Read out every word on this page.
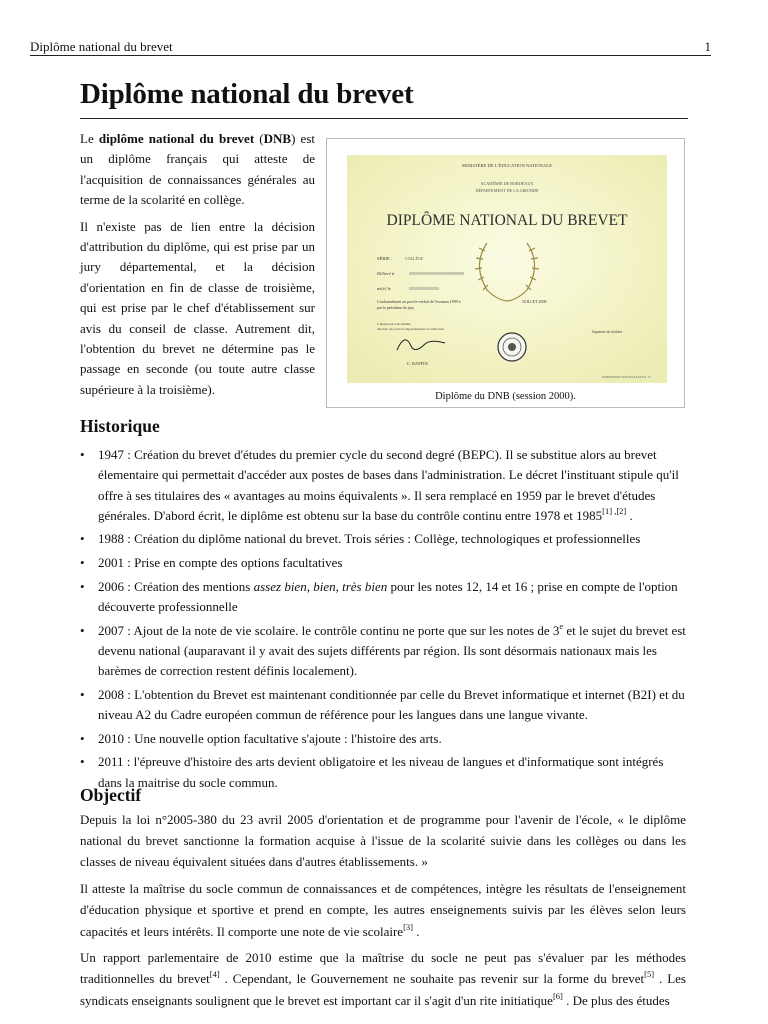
Diplôme national du brevet	1
Diplôme national du brevet

Le diplôme national du brevet (DNB) est un diplôme français qui atteste de l'acquisition de connaissances générales au terme de la scolarité en collège.

Il n'existe pas de lien entre la décision d'attribution du diplôme, qui est prise par un jury départemental, et la décision d'orientation en fin de classe de troisième, qui est prise par le chef d'établissement sur avis du conseil de classe. Autrement dit, l'obtention du brevet ne détermine pas le passage en seconde (ou toute autre classe supérieure à la troisième).

MINISTÈRE DE L'ÉDUCATION NATIONALE
ACADÉMIE DE BORDEAUX
DÉPARTEMENT DE LA GIRONDE
DIPLÔME NATIONAL DU BREVET
SÉRIE :	COLLÈGE
Délivré à
né(e) le
Conformément au procès-verbal de l'examen 1999 à
par le président du jury
JUILLET 2000
L'Inspecteur d'Académie
directeur des services départementaux de l'éducation
C. RAFFIN
Signature du titulaire
IMPRIMERIE NATIONALE M.E.N. 21
Diplôme du DNB (session 2000).
Historique
• 1947 : Création du brevet d'études du premier cycle du second degré (BEPC). Il se substitue alors au brevet élementaire qui permettait d'accéder aux postes de bases dans l'administration. Le décret l'instituant stipule qu'il offre à ses titulaires des « avantages au moins équivalents ». Il sera remplacé en 1959 par le brevet d'études générales. D'abord écrit, le diplôme est obtenu sur la base du contrôle continu entre 1978 et 1985[1] $^{,[2]}$ .
• 1988 : Création du diplôme national du brevet. Trois séries : Collège, technologiques et professionnelles
• 2001 : Prise en compte des options facultatives
• 2006 : Création des mentions assez bien, bien, très bien pour les notes 12, 14 et 16 ; prise en compte de l'option découverte professionnelle
• 2007 : Ajout de la note de vie scolaire. le contrôle continu ne porte que sur les notes de 3e et le sujet du brevet est devenu national (auparavant il y avait des sujets différents par région. Ils sont désormais nationaux mais les barèmes de correction restent définis localement).
• 2008 : L'obtention du Brevet est maintenant conditionnée par celle du Brevet informatique et internet (B2I) et du niveau A2 du Cadre européen commun de référence pour les langues dans une langue vivante.
• 2010 : Une nouvelle option facultative s'ajoute : l'histoire des arts.
• 2011 : l'épreuve d'histoire des arts devient obligatoire et les niveau de langues et d'informatique sont intégrés dans la maitrise du socle commun.
Objectif

Depuis la loi n°2005-380 du 23 avril 2005 d'orientation et de programme pour l'avenir de l'école, « le diplôme national du brevet sanctionne la formation acquise à l'issue de la scolarité suivie dans les collèges ou dans les classes de niveau équivalent situées dans d'autres établissements. »

Il atteste la maîtrise du socle commun de connaissances et de compétences, intègre les résultats de l'enseignement d'éducation physique et sportive et prend en compte, les autres enseignements suivis par les élèves selon leurs capacités et leurs intérêts. Il comporte une note de vie scolaire[3] .

Un rapport parlementaire de 2010 estime que la maîtrise du socle ne peut pas s'évaluer par les méthodes traditionnelles du brevet[4] . Cependant, le Gouvernement ne souhaite pas revenir sur la forme du brevet[5] . Les syndicats enseignants soulignent que le brevet est important car il s'agit d'un rite initiatique[6] . De plus des études
